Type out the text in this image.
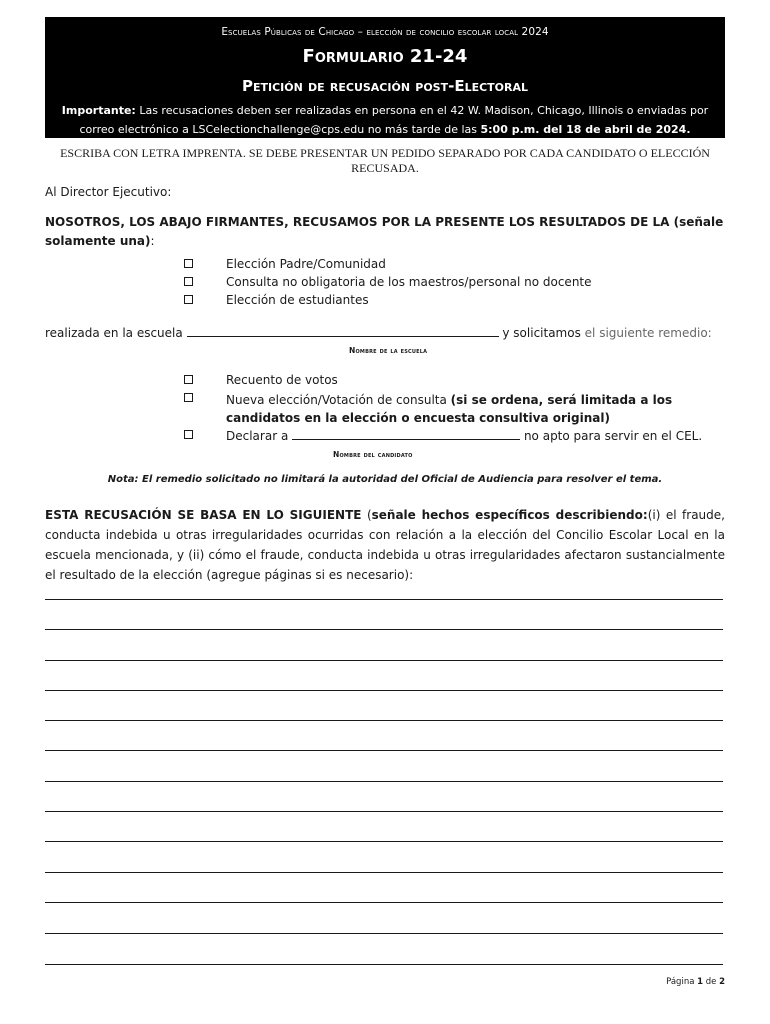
Escuelas Públicas de Chicago – elección de concilio escolar local 2024
Formulario 21-24
Petición de recusación post-Electoral
Importante: Las recusaciones deben ser realizadas en persona en el 42 W. Madison, Chicago, Illinois o enviadas por correo electrónico a LSCelectionchallenge@cps.edu no más tarde de las 5:00 p.m. del 18 de abril de 2024.
ESCRIBA CON LETRA IMPRENTA. SE DEBE PRESENTAR UN PEDIDO SEPARADO POR CADA CANDIDATO O ELECCIÓN RECUSADA.
Al Director Ejecutivo:
NOSOTROS, LOS ABAJO FIRMANTES, RECUSAMOS POR LA PRESENTE LOS RESULTADOS DE LA (señale solamente una):
Elección Padre/Comunidad
Consulta no obligatoria de los maestros/personal no docente
Elección de estudiantes
realizada en la escuela	y solicitamos el siguiente remedio:
Nombre de la escuela
Recuento de votos
Nueva elección/Votación de consulta (si se ordena, será limitada a los
candidatos en la elección o encuesta consultiva original)
Declarar a	no apto para servir en el CEL.
Nombre del candidato
Nota: El remedio solicitado no limitará la autoridad del Oficial de Audiencia para resolver el tema.
ESTA RECUSACIÓN SE BASA EN LO SIGUIENTE (señale hechos específicos describiendo:(i) el fraude, conducta indebida u otras irregularidades ocurridas con relación a la elección del Concilio Escolar Local en la escuela mencionada, y (ii) cómo el fraude, conducta indebida u otras irregularidades afectaron sustancialmente el resultado de la elección (agregue páginas si es necesario):
Página 1 de 2
